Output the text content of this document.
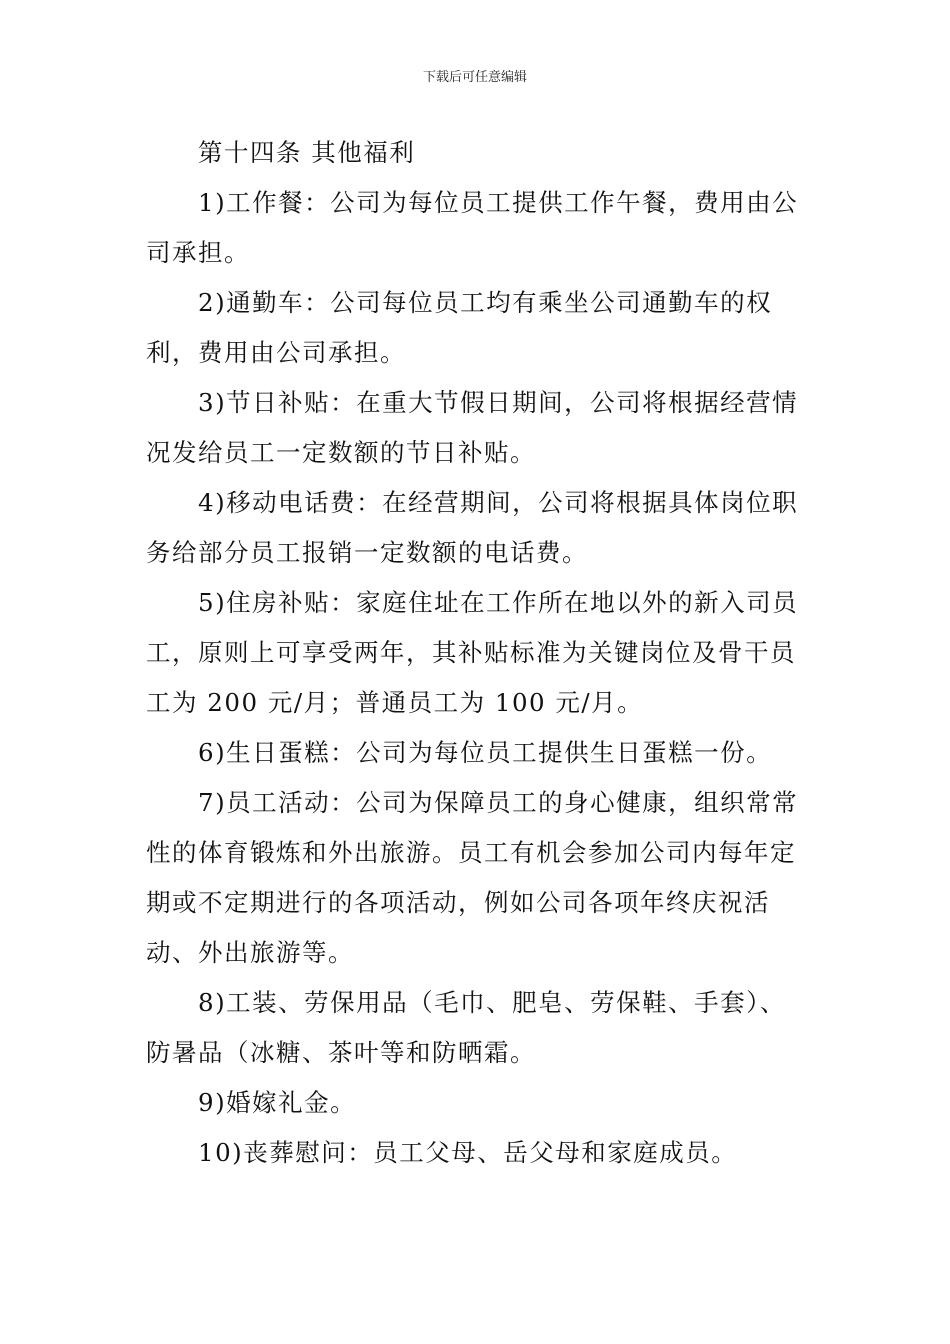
下载后可任意编辑

第十四条 其他福利

1)工作餐：公司为每位员工提供工作午餐，费用由公司承担。

2)通勤车：公司每位员工均有乘坐公司通勤车的权利，费用由公司承担。

3)节日补贴：在重大节假日期间，公司将根据经营情况发给员工一定数额的节日补贴。

4)移动电话费：在经营期间，公司将根据具体岗位职务给部分员工报销一定数额的电话费。

5)住房补贴：家庭住址在工作所在地以外的新入司员工，原则上可享受两年，其补贴标准为关键岗位及骨干员工为 200 元/月；普通员工为 100 元/月。

6)生日蛋糕：公司为每位员工提供生日蛋糕一份。

7)员工活动：公司为保障员工的身心健康，组织常常性的体育锻炼和外出旅游。员工有机会参加公司内每年定期或不定期进行的各项活动，例如公司各项年终庆祝活动、外出旅游等。

8)工装、劳保用品（毛巾、肥皂、劳保鞋、手套）、防暑品（冰糖、茶叶等和防晒霜。

9)婚嫁礼金。

10)丧葬慰问：员工父母、岳父母和家庭成员。
